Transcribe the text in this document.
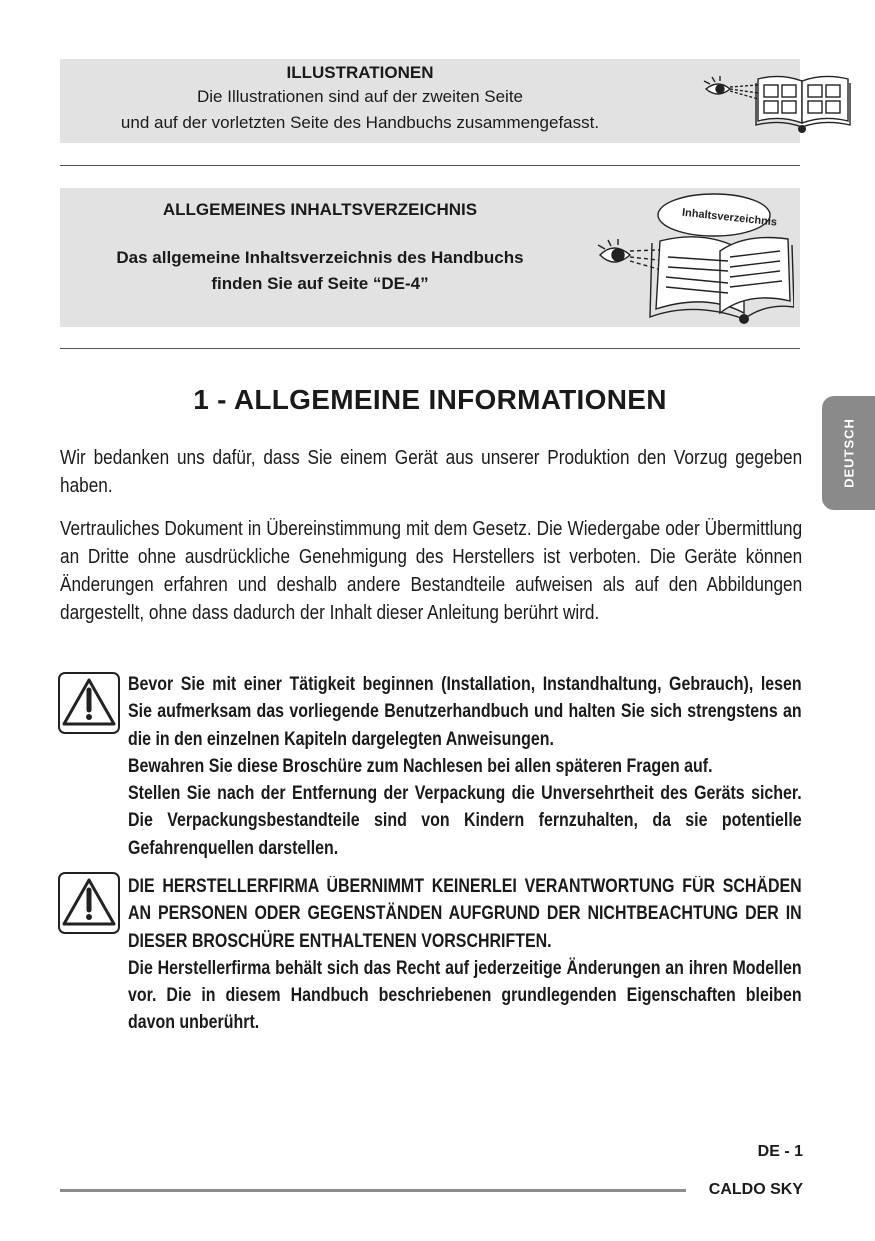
ILLUSTRATIONEN
Die Illustrationen sind auf der zweiten Seite
und auf der vorletzten Seite des Handbuchs zusammengefasst.
ALLGEMEINES INHALTSVERZEICHNIS
Das allgemeine Inhaltsverzeichnis des Handbuchs
finden Sie auf Seite “DE-4”
Inhaltsverzeichnis
1 - ALLGEMEINE INFORMATIONEN
Wir bedanken uns dafür, dass Sie einem Gerät aus unserer Produktion den Vorzug gegeben haben.
Vertrauliches Dokument in Übereinstimmung mit dem Gesetz. Die Wiedergabe oder Übermittlung an Dritte ohne ausdrückliche Genehmigung des Herstellers ist verboten. Die Geräte können Änderungen erfahren und deshalb andere Bestandteile aufweisen als auf den Abbildungen dargestellt, ohne dass dadurch der Inhalt dieser Anleitung berührt wird.

Bevor Sie mit einer Tätigkeit beginnen (Installation, Instandhaltung, Gebrauch), lesen Sie aufmerksam das vorliegende Benutzerhandbuch und halten Sie sich strengstens an die in den einzelnen Kapiteln dargelegten Anweisungen.

Bewahren Sie diese Broschüre zum Nachlesen bei allen späteren Fragen auf.

Stellen Sie nach der Entfernung der Verpackung die Unversehrtheit des Geräts sicher. Die Verpackungsbestandteile sind von Kindern fernzuhalten, da sie potentielle Gefahrenquellen darstellen.

DIE HERSTELLERFIRMA ÜBERNIMMT KEINERLEI VERANTWORTUNG FÜR SCHÄDEN AN PERSONEN ODER GEGENSTÄNDEN AUFGRUND DER NICHTBEACHTUNG DER IN DIESER BROSCHÜRE ENTHALTENEN VORSCHRIFTEN.

Die Herstellerfirma behält sich das Recht auf jederzeitige Änderungen an ihren Modellen vor. Die in diesem Handbuch beschriebenen grundlegenden Eigenschaften bleiben davon unberührt.

DEUTSCH
DE - 1
CALDO SKY
